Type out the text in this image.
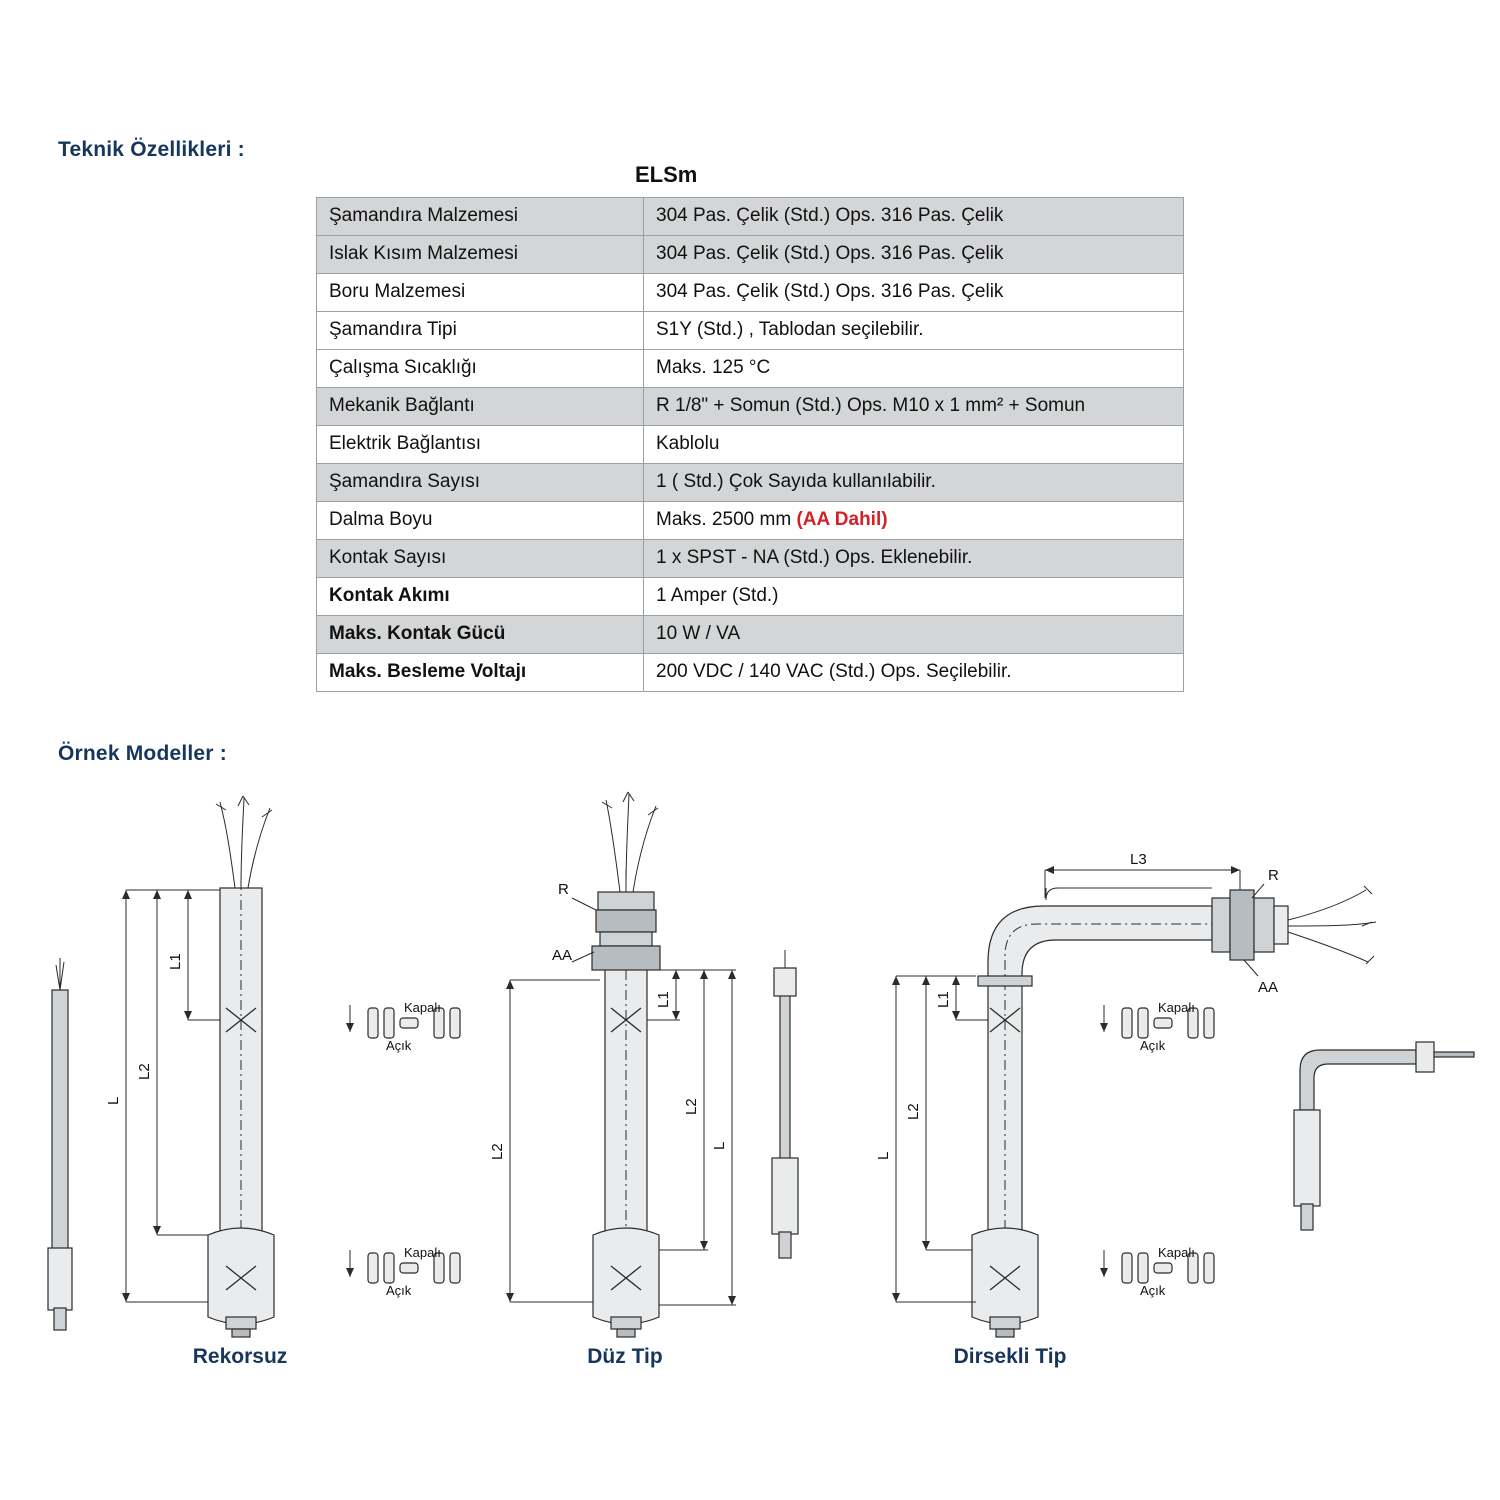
Teknik Özellikleri :
Örnek Modeller :
ELSm
Şamandıra Malzemesi	304 Pas. Çelik (Std.) Ops. 316 Pas. Çelik
Islak Kısım Malzemesi	304 Pas. Çelik (Std.) Ops. 316 Pas. Çelik
Boru Malzemesi	304 Pas. Çelik (Std.) Ops. 316 Pas. Çelik
Şamandıra Tipi	S1Y (Std.) , Tablodan seçilebilir.
Çalışma Sıcaklığı	Maks. 125 °C
Mekanik Bağlantı	R 1/8" + Somun (Std.) Ops. M10 x 1 mm² + Somun
Elektrik Bağlantısı	Kablolu
Şamandıra Sayısı	1 ( Std.) Çok Sayıda kullanılabilir.
Dalma Boyu	Maks. 2500 mm (AA Dahil)
Kontak Sayısı	1 x SPST - NA (Std.) Ops. Eklenebilir.
Kontak Akımı	1 Amper (Std.)
Maks. Kontak Gücü	10 W / VA
Maks. Besleme Voltajı	200 VDC / 140 VAC (Std.) Ops. Seçilebilir.
L
L2
L1
Kapalı
Açık
Kapalı
Açık
Rekorsuz
L2
R
AA
L1
L2
L
Düz Tip
L3
R
AA
L
L2
L1	Kapalı
Açık
Kapalı
Açık
Dirsekli Tip
